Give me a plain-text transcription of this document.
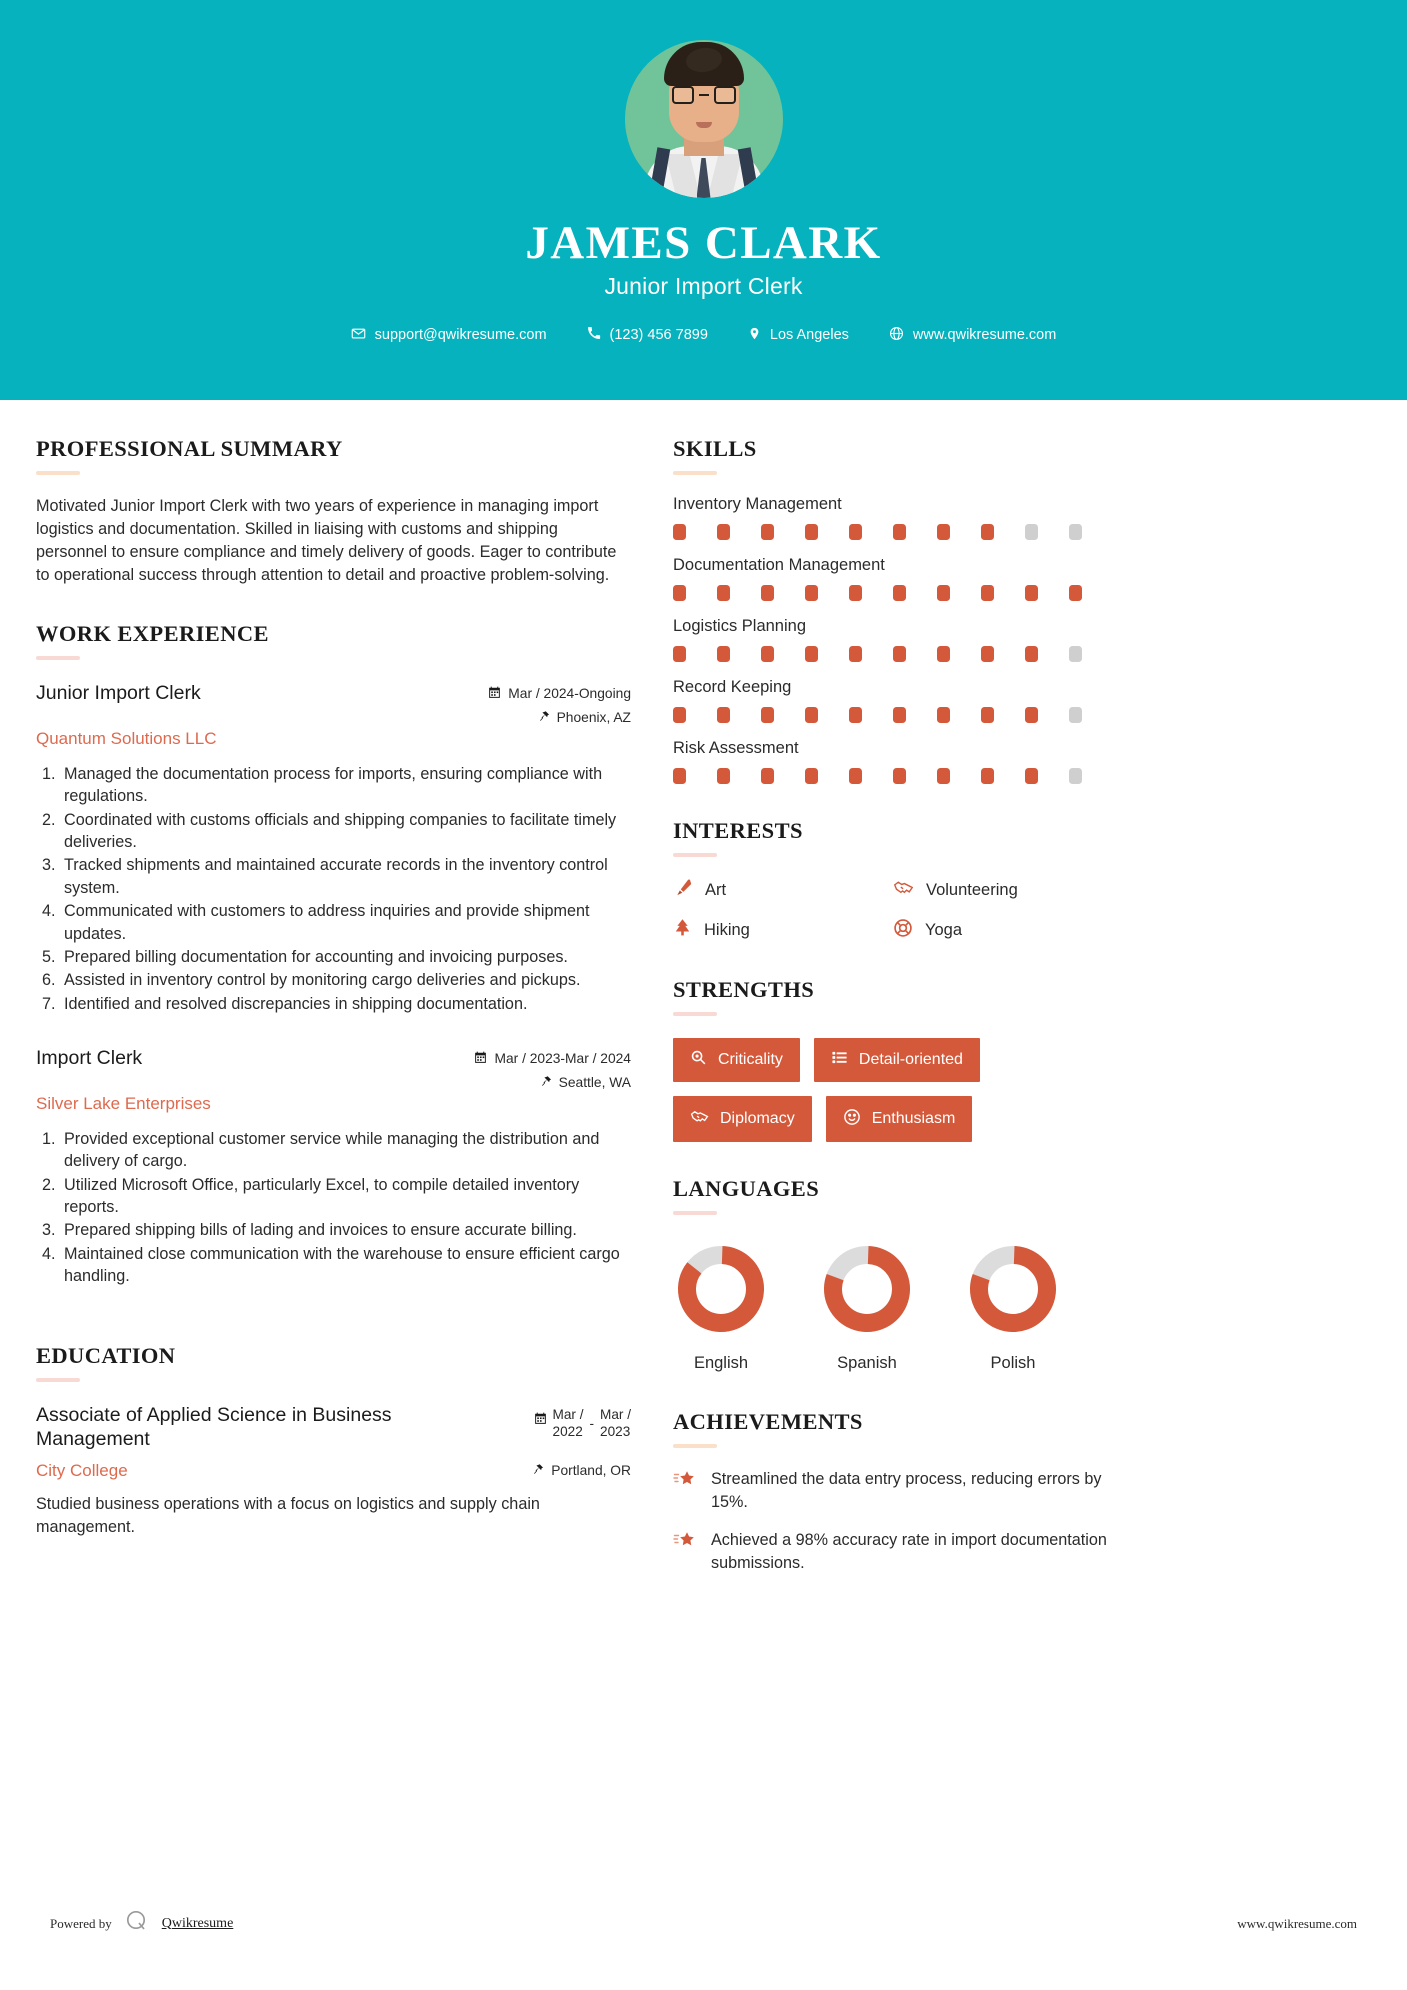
JAMES CLARK
Junior Import Clerk
support@qwikresume.com	(123) 456 7899	Los Angeles	www.qwikresume.com
PROFESSIONAL SUMMARY
Motivated Junior Import Clerk with two years of experience in managing import logistics and documentation. Skilled in liaising with customs and shipping personnel to ensure compliance and timely delivery of goods. Eager to contribute to operational success through attention to detail and proactive problem-solving.
WORK EXPERIENCE
Junior Import Clerk	Mar / 2024-Ongoing
Phoenix, AZ
Quantum Solutions LLC
1. Managed the documentation process for imports, ensuring compliance with regulations.
2. Coordinated with customs officials and shipping companies to facilitate timely deliveries.
3. Tracked shipments and maintained accurate records in the inventory control system.
4. Communicated with customers to address inquiries and provide shipment updates.
5. Prepared billing documentation for accounting and invoicing purposes.
6. Assisted in inventory control by monitoring cargo deliveries and pickups.
7. Identified and resolved discrepancies in shipping documentation.
Import Clerk	Mar / 2023-Mar / 2024
Seattle, WA
Silver Lake Enterprises
1. Provided exceptional customer service while managing the distribution and delivery of cargo.
2. Utilized Microsoft Office, particularly Excel, to compile detailed inventory reports.
3. Prepared shipping bills of lading and invoices to ensure accurate billing.
4. Maintained close communication with the warehouse to ensure efficient cargo handling.
EDUCATION
Associate of Applied Science in Business Management
Mar /
2022 -
Mar /
2023
City College	Portland, OR
Studied business operations with a focus on logistics and supply chain management.
SKILLS
Inventory Management
Documentation Management
Logistics Planning
Record Keeping
Risk Assessment
INTERESTS
Art	Volunteering
Hiking	Yoga
STRENGTHS
Criticality	Detail-oriented
Diplomacy	Enthusiasm
LANGUAGES
English	Spanish	Polish
ACHIEVEMENTS
Streamlined the data entry process, reducing errors by 15%.
Achieved a 98% accuracy rate in import documentation submissions.
Powered by	Qwikresume	www.qwikresume.com
